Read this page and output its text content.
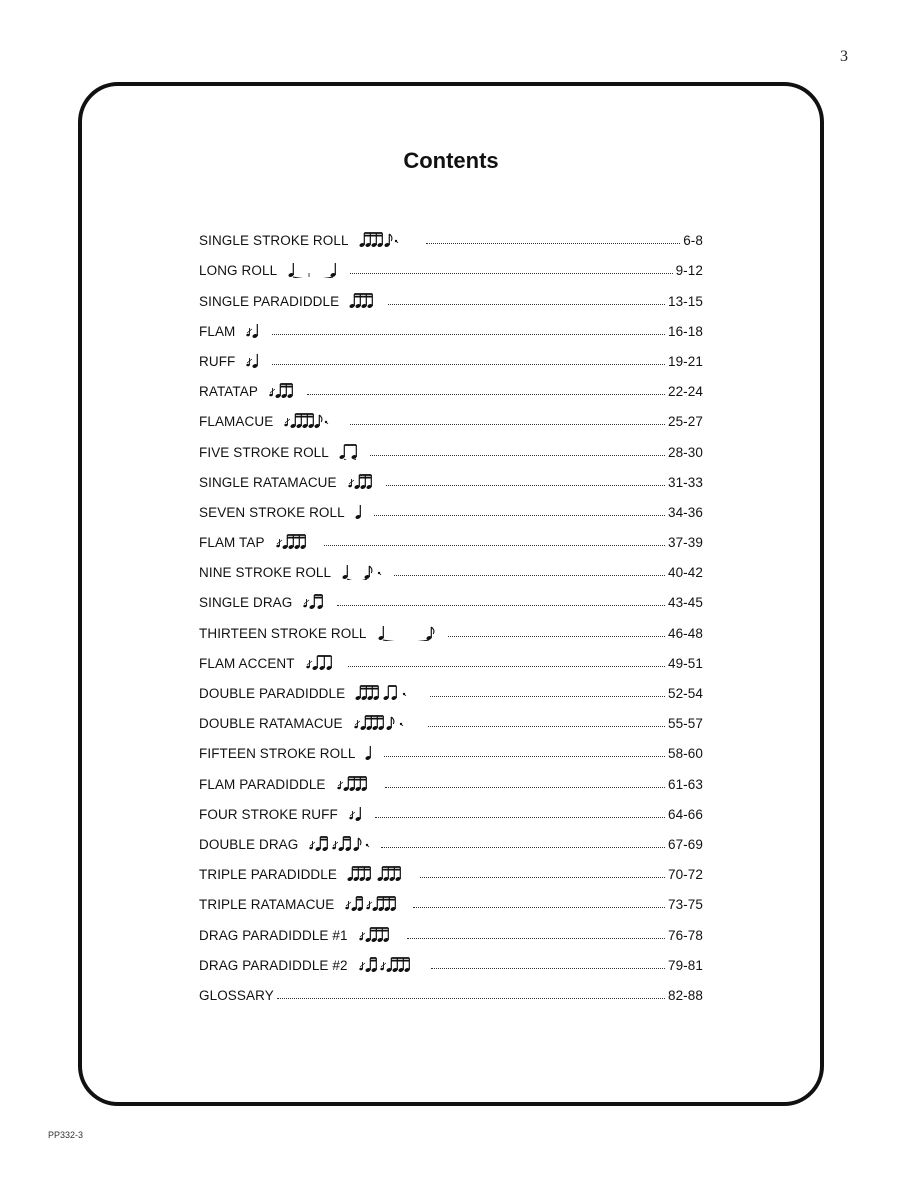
3
Contents
SINGLE STROKE ROLL	6-8
LONG ROLL	9-12
SINGLE PARADIDDLE	13-15
FLAM	16-18
RUFF	19-21
RATATAP	22-24
FLAMACUE	25-27
FIVE STROKE ROLL	28-30
SINGLE RATAMACUE	31-33
SEVEN STROKE ROLL	34-36
FLAM TAP	37-39
NINE STROKE ROLL	40-42
SINGLE DRAG	43-45
THIRTEEN STROKE ROLL	46-48
FLAM ACCENT	49-51
DOUBLE PARADIDDLE	52-54
DOUBLE RATAMACUE	55-57
FIFTEEN STROKE ROLL	58-60
FLAM PARADIDDLE	61-63
FOUR STROKE RUFF	64-66
DOUBLE DRAG	67-69
TRIPLE PARADIDDLE	70-72
TRIPLE RATAMACUE	73-75
DRAG PARADIDDLE #1	76-78
DRAG PARADIDDLE #2	79-81
GLOSSARY	82-88
PP332-3
